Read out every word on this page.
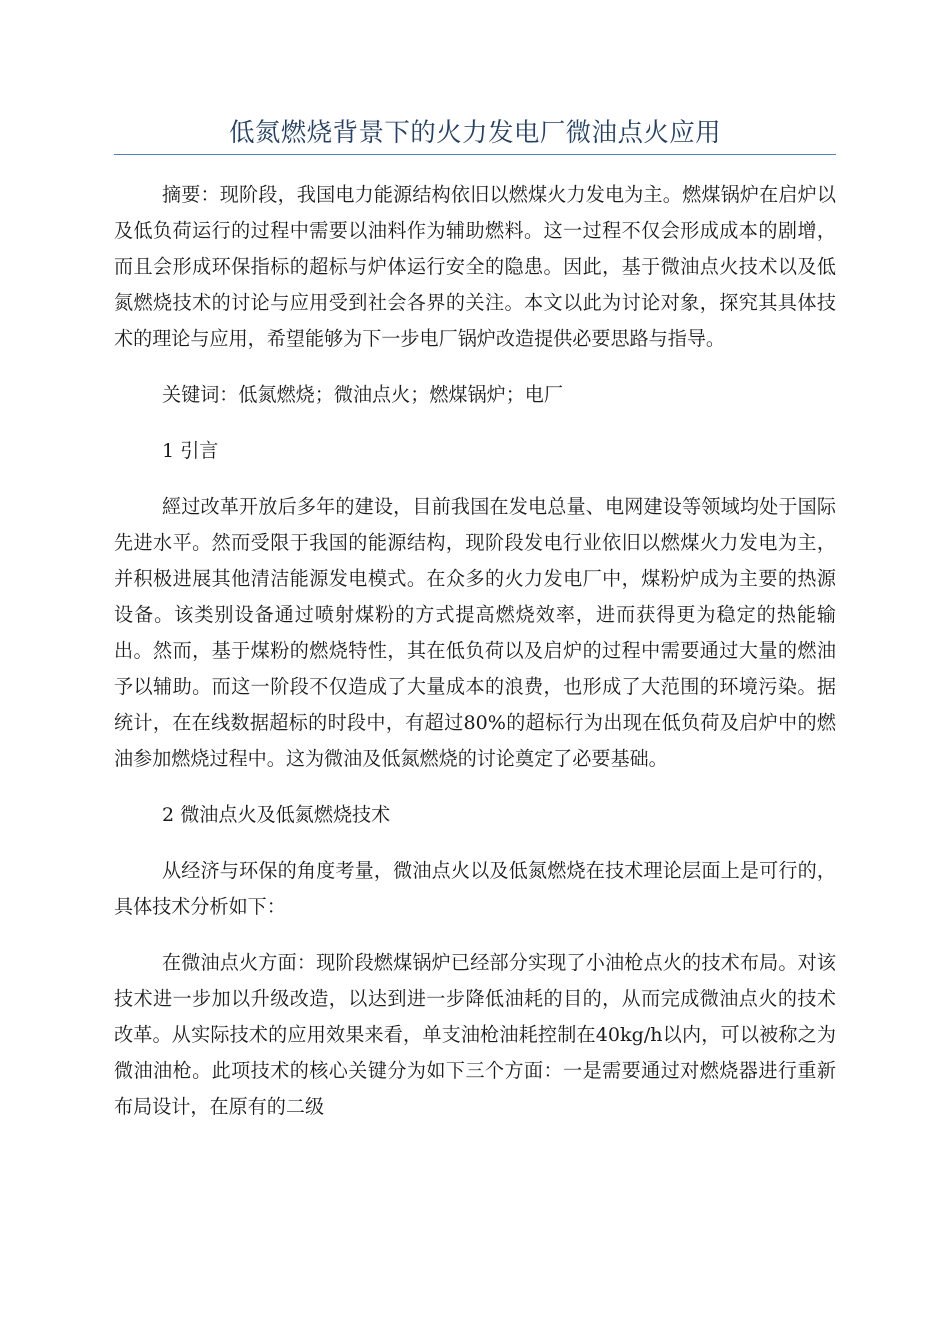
低氮燃烧背景下的火力发电厂微油点火应用

摘要：现阶段，我国电力能源结构依旧以燃煤火力发电为主。燃煤锅炉在启炉以及低负荷运行的过程中需要以油料作为辅助燃料。这一过程不仅会形成成本的剧增，而且会形成环保指标的超标与炉体运行安全的隐患。因此，基于微油点火技术以及低氮燃烧技术的讨论与应用受到社会各界的关注。本文以此为讨论对象，探究其具体技术的理论与应用，希望能够为下一步电厂锅炉改造提供必要思路与指导。

关键词：低氮燃烧；微油点火；燃煤锅炉；电厂

1 引言

經过改革开放后多年的建设，目前我国在发电总量、电网建设等领域均处于国际先进水平。然而受限于我国的能源结构，现阶段发电行业依旧以燃煤火力发电为主，并积极进展其他清洁能源发电模式。在众多的火力发电厂中，煤粉炉成为主要的热源设备。该类别设备通过喷射煤粉的方式提高燃烧效率，进而获得更为稳定的热能输出。然而，基于煤粉的燃烧特性，其在低负荷以及启炉的过程中需要通过大量的燃油予以辅助。而这一阶段不仅造成了大量成本的浪费，也形成了大范围的环境污染。据统计，在在线数据超标的时段中，有超过80%的超标行为出现在低负荷及启炉中的燃油参加燃烧过程中。这为微油及低氮燃烧的讨论奠定了必要基础。

2 微油点火及低氮燃烧技术

从经济与环保的角度考量，微油点火以及低氮燃烧在技术理论层面上是可行的，具体技术分析如下：

在微油点火方面：现阶段燃煤锅炉已经部分实现了小油枪点火的技术布局。对该技术进一步加以升级改造，以达到进一步降低油耗的目的，从而完成微油点火的技术改革。从实际技术的应用效果来看，单支油枪油耗控制在40kg/h以内，可以被称之为微油油枪。此项技术的核心关键分为如下三个方面：一是需要通过对燃烧器进行重新布局设计，在原有的二级
